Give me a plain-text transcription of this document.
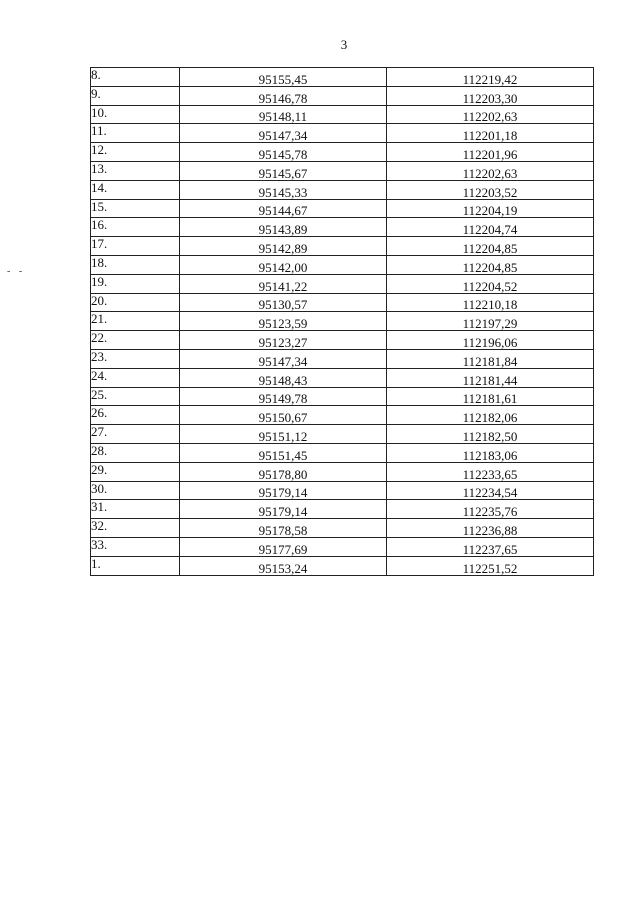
3
- -
8.	95155,45	112219,42
9.	95146,78	112203,30
10.	95148,11	112202,63
11.	95147,34	112201,18
12.	95145,78	112201,96
13.	95145,67	112202,63
14.	95145,33	112203,52
15.	95144,67	112204,19
16.	95143,89	112204,74
17.	95142,89	112204,85
18.	95142,00	112204,85
19.	95141,22	112204,52
20.	95130,57	112210,18
21.	95123,59	112197,29
22.	95123,27	112196,06
23.	95147,34	112181,84
24.	95148,43	112181,44
25.	95149,78	112181,61
26.	95150,67	112182,06
27.	95151,12	112182,50
28.	95151,45	112183,06
29.	95178,80	112233,65
30.	95179,14	112234,54
31.	95179,14	112235,76
32.	95178,58	112236,88
33.	95177,69	112237,65
1.	95153,24	112251,52
